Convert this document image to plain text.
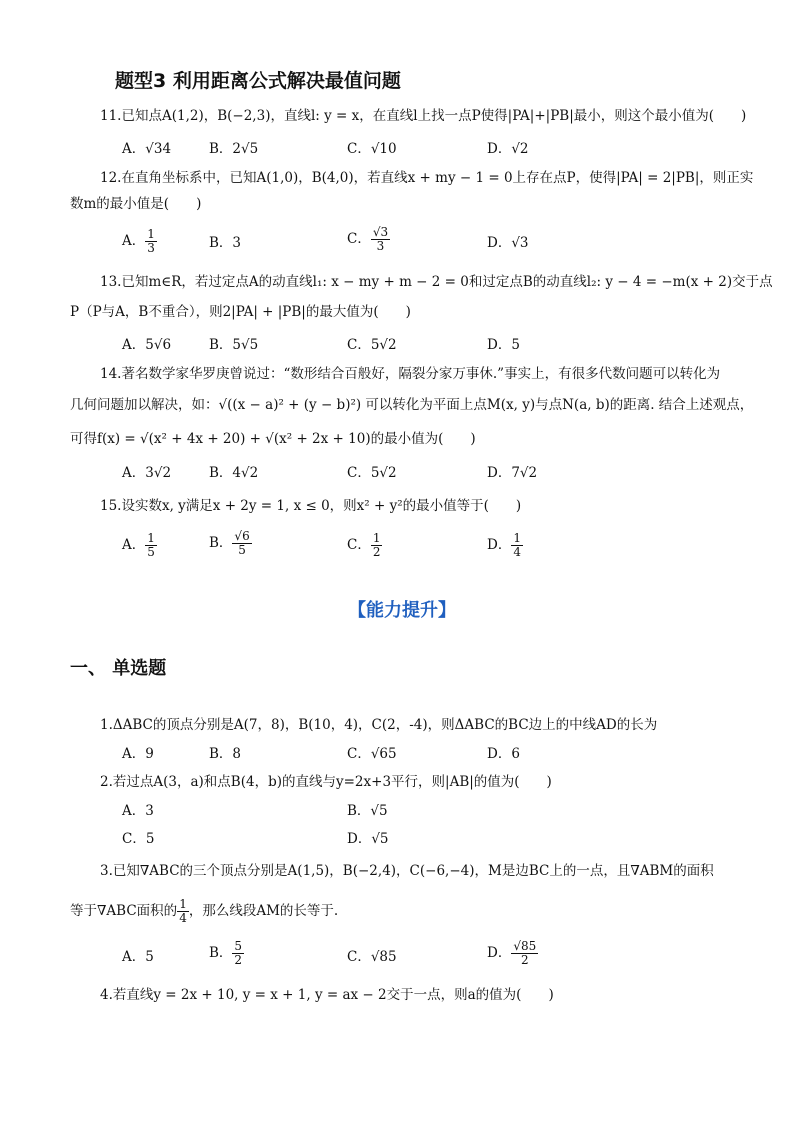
题型3 利用距离公式解决最值问题
11.已知点A(1,2)，B(−2,3)，直线l: y = x，在直线l上找一点P使得|PA|+|PB|最小，则这个最小值为(　　)
A．√34	B．2√5	C．√10	D．√2
12.在直角坐标系中，已知A(1,0)，B(4,0)，若直线x + my − 1 = 0上存在点P，使得|PA| = 2|PB|，则正实
数m的最小值是(　　)
A． $\frac{1}{3}$	B．3	C． $\frac{√3}{3}$	D．√3
13.已知m∈R，若过定点A的动直线l₁: x − my + m − 2 = 0和过定点B的动直线l₂: y − 4 = −m(x + 2)交于点
P（P与A，B不重合），则2|PA| + |PB|的最大值为(　　)
A．5√6	B．5√5	C．5√2	D．5
14.著名数学家华罗庚曾说过：“数形结合百般好，隔裂分家万事休.”事实上，有很多代数问题可以转化为
几何问题加以解决，如：√((x − a)² + (y − b)²) 可以转化为平面上点M(x, y)与点N(a, b)的距离. 结合上述观点，
可得f(x) = √(x² + 4x + 20) + √(x² + 2x + 10)的最小值为(　　)
A．3√2	B．4√2	C．5√2	D．7√2
15.设实数x, y满足x + 2y = 1, x ≤ 0，则x² + y²的最小值等于(　　)
A． $\frac{1}{5}$	B． $\frac{√6}{5}$	C． $\frac{1}{2}$	D． $\frac{1}{4}$
【能力提升】
一、 单选题
1.ΔABC的顶点分别是A(7，8)，B(10，4)，C(2，-4)，则ΔABC的BC边上的中线AD的长为
A．9	B．8	C．√65	D．6
2.若过点A(3，a)和点B(4，b)的直线与y=2x+3平行，则|AB|的值为(　　)
A．3	B．√5
C．5	D．√5
3.已知∇ABC的三个顶点分别是A(1,5)，B(−2,4)，C(−6,−4)，M是边BC上的一点，且∇ABM的面积
等于∇ABC面积的 $\frac{1}{4}$ ，那么线段AM的长等于.
A．5	B． $\frac{5}{2}$	C．√85	D． $\frac{√85}{2}$
4.若直线y = 2x + 10, y = x + 1, y = ax − 2交于一点，则a的值为(　　)
